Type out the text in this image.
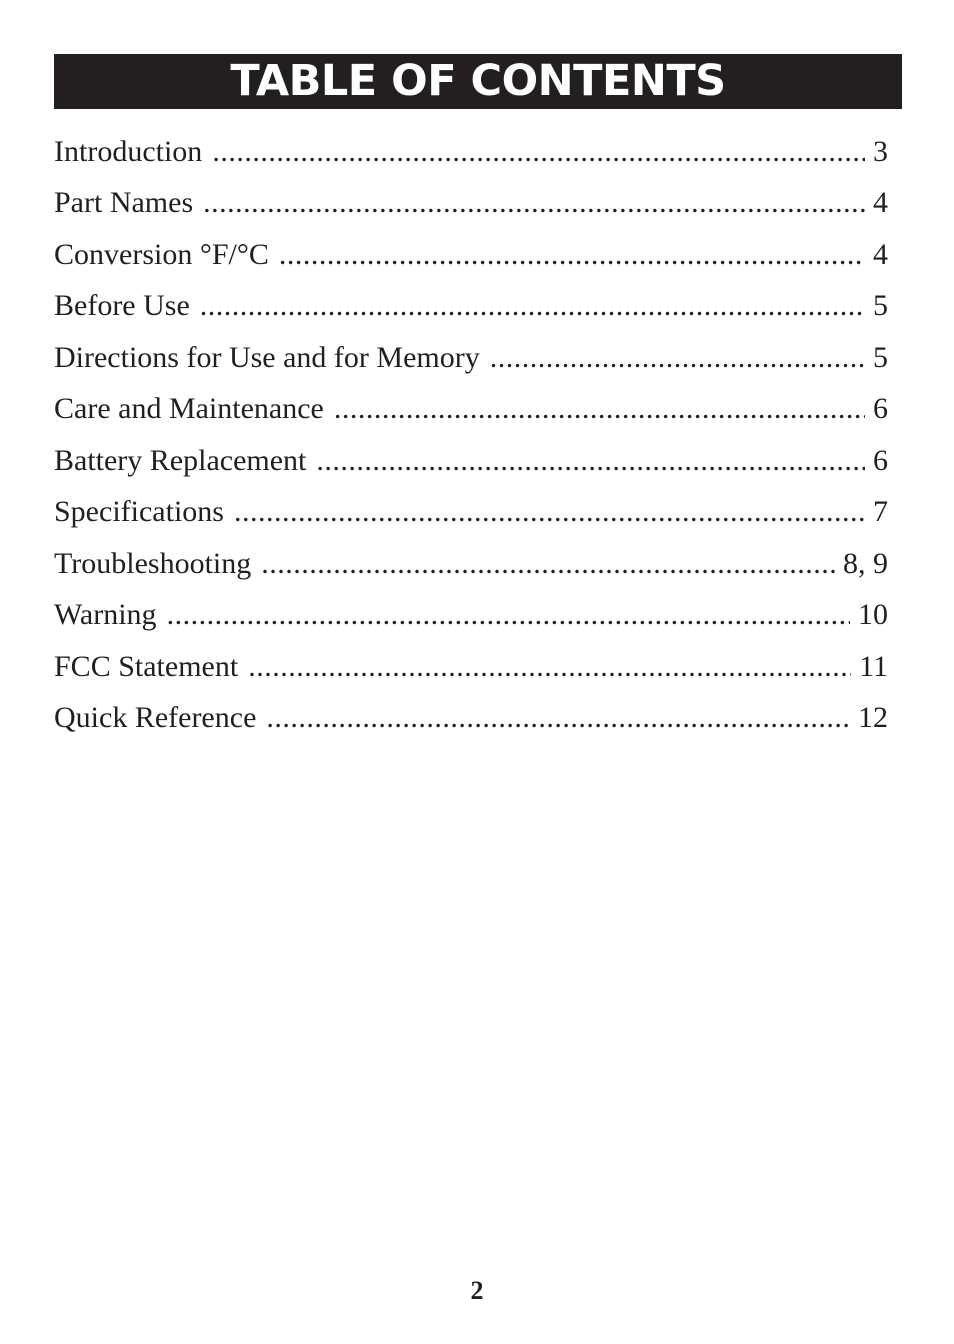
TABLE OF CONTENTS
Introduction .....	3
Part Names .....	4
Conversion °F/°C .....	4
Before Use .....	5
Directions for Use and for Memory .....	5
Care and Maintenance .....	6
Battery Replacement .....	6
Specifications .....	7
Troubleshooting .....	8, 9
Warning .....	10
FCC Statement .....	11
Quick Reference .....	12
2
